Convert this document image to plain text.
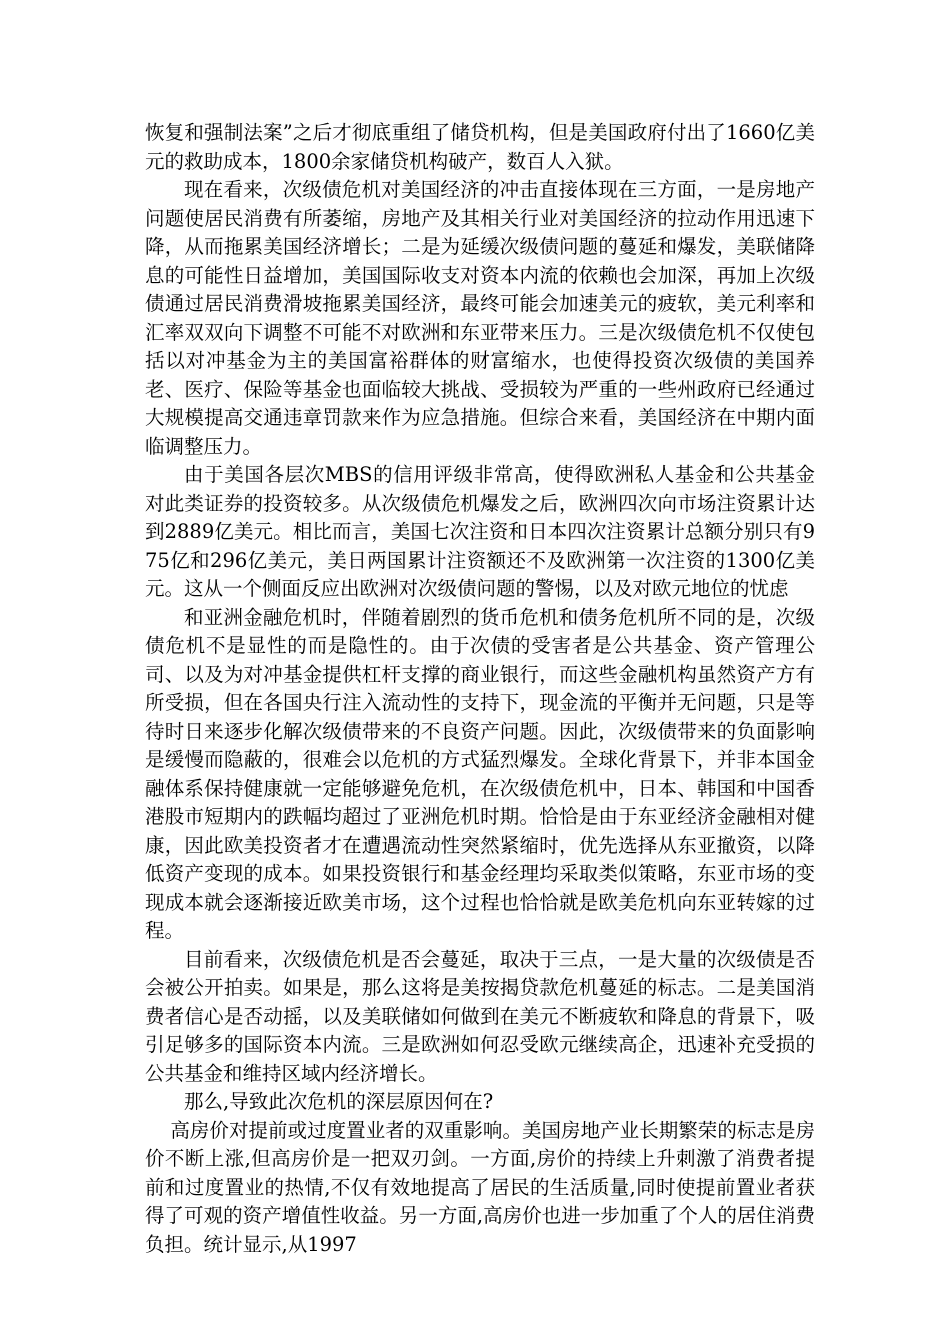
恢复和强制法案”之后才彻底重组了储贷机构，但是美国政府付出了1660亿美元的救助成本，1800余家储贷机构破产，数百人入狱。

现在看来，次级债危机对美国经济的冲击直接体现在三方面，一是房地产问题使居民消费有所萎缩，房地产及其相关行业对美国经济的拉动作用迅速下降，从而拖累美国经济增长；二是为延缓次级债问题的蔓延和爆发，美联储降息的可能性日益增加，美国国际收支对资本内流的依赖也会加深，再加上次级债通过居民消费滑坡拖累美国经济，最终可能会加速美元的疲软，美元利率和汇率双双向下调整不可能不对欧洲和东亚带来压力。三是次级债危机不仅使包括以对冲基金为主的美国富裕群体的财富缩水，也使得投资次级债的美国养老、医疗、保险等基金也面临较大挑战、受损较为严重的一些州政府已经通过大规模提高交通违章罚款来作为应急措施。但综合来看，美国经济在中期内面临调整压力。

由于美国各层次MBS的信用评级非常高，使得欧洲私人基金和公共基金对此类证券的投资较多。从次级债危机爆发之后，欧洲四次向市场注资累计达到2889亿美元。相比而言，美国七次注资和日本四次注资累计总额分别只有975亿和296亿美元，美日两国累计注资额还不及欧洲第一次注资的1300亿美元。这从一个侧面反应出欧洲对次级债问题的警惕，以及对欧元地位的忧虑

和亚洲金融危机时，伴随着剧烈的货币危机和债务危机所不同的是，次级债危机不是显性的而是隐性的。由于次债的受害者是公共基金、资产管理公司、以及为对冲基金提供杠杆支撑的商业银行，而这些金融机构虽然资产方有所受损，但在各国央行注入流动性的支持下，现金流的平衡并无问题，只是等待时日来逐步化解次级债带来的不良资产问题。因此，次级债带来的负面影响是缓慢而隐蔽的，很难会以危机的方式猛烈爆发。全球化背景下，并非本国金融体系保持健康就一定能够避免危机，在次级债危机中，日本、韩国和中国香港股市短期内的跌幅均超过了亚洲危机时期。恰恰是由于东亚经济金融相对健康，因此欧美投资者才在遭遇流动性突然紧缩时，优先选择从东亚撤资，以降低资产变现的成本。如果投资银行和基金经理均采取类似策略，东亚市场的变现成本就会逐渐接近欧美市场，这个过程也恰恰就是欧美危机向东亚转嫁的过程。

目前看来，次级债危机是否会蔓延，取决于三点，一是大量的次级债是否会被公开拍卖。如果是，那么这将是美按揭贷款危机蔓延的标志。二是美国消费者信心是否动摇，以及美联储如何做到在美元不断疲软和降息的背景下，吸引足够多的国际资本内流。三是欧洲如何忍受欧元继续高企，迅速补充受损的公共基金和维持区域内经济增长。

那么,导致此次危机的深层原因何在?

高房价对提前或过度置业者的双重影响。美国房地产业长期繁荣的标志是房价不断上涨,但高房价是一把双刃剑。一方面,房价的持续上升刺激了消费者提前和过度置业的热情,不仅有效地提高了居民的生活质量,同时使提前置业者获得了可观的资产增值性收益。另一方面,高房价也进一步加重了个人的居住消费负担。统计显示,从1997
